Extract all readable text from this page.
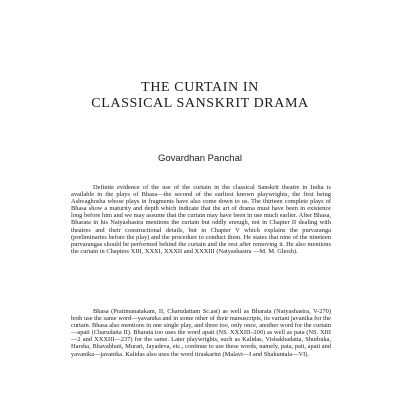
THE CURTAIN IN
CLASSICAL SANSKRIT DRAMA
Govardhan Panchal

Definite evidence of the use of the curtain in the classical Sanskrit theatre in India is available in the plays of Bhasa—the second of the earliest known playwrights, the first being Ashvaghosha whose plays in fragments have also come down to us. The thirteen complete plays of Bhasa show a maturity and depth which indicate that the art of drama must have been in existence long before him and we may assume that the curtain may have been in use much earlier. After Bhasa, Bharata in his Natyashastra mentions the curtain but oddly enough, not in Chapter II dealing with theatres and their constructional details, but in Chapter V which explains the purvaranga (preliminaries before the play) and the procedure to conduct them. He states that nine of the nineteen purvarangas should be performed behind the curtain and the rest after removing it. He also mentions the curtain in Chapters XIII, XXXI, XXXII and XXXIII (Natyashastra —M. M. Ghosh).

Bhasa (Pratimanatakam, II, Charudattam Sc.ast) as well as Bharata (Natyashastra, V-270) both use the same word—yavanika and in some other of their manuscripts, its variant javanika for the curtain. Bhasa also mentions in one single play, and three too, only once, another word for the curtain—apati (Charudatta II). Bharata too uses the word apati (NS. XXXIII–200) as well as pata (NS. XIII—2 and XXXIII—237) for the same. Later playwrights, such as Kalidas, Vishakhadatta, Shudraka, Harsha, Bhavabhuti, Murari, Jayadeva, etc., continue to use these words, namely, pata, pati, apati and yavanika—javanika. Kalidas also uses the word tiraskarini (Malavi—I and Shakuntala—VI).
